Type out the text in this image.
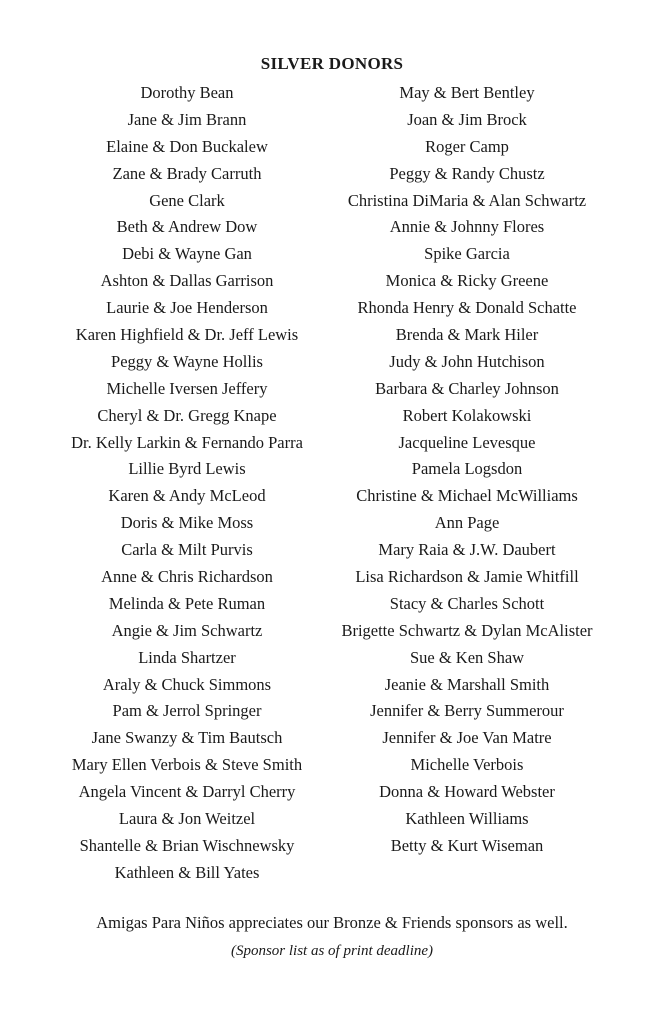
SILVER DONORS
Dorothy Bean
Jane & Jim Brann
Elaine & Don Buckalew
Zane & Brady Carruth
Gene Clark
Beth & Andrew Dow
Debi & Wayne Gan
Ashton & Dallas Garrison
Laurie & Joe Henderson
Karen Highfield & Dr. Jeff Lewis
Peggy & Wayne Hollis
Michelle Iversen Jeffery
Cheryl & Dr. Gregg Knape
Dr. Kelly Larkin & Fernando Parra
Lillie Byrd Lewis
Karen & Andy McLeod
Doris & Mike Moss
Carla & Milt Purvis
Anne & Chris Richardson
Melinda & Pete Ruman
Angie & Jim Schwartz
Linda Shartzer
Araly & Chuck Simmons
Pam & Jerrol Springer
Jane Swanzy & Tim Bautsch
Mary Ellen Verbois & Steve Smith
Angela Vincent & Darryl Cherry
Laura & Jon Weitzel
Shantelle & Brian Wischnewsky
Kathleen & Bill Yates
May & Bert Bentley
Joan & Jim Brock
Roger Camp
Peggy & Randy Chustz
Christina DiMaria & Alan Schwartz
Annie & Johnny Flores
Spike Garcia
Monica & Ricky Greene
Rhonda Henry & Donald Schatte
Brenda & Mark Hiler
Judy & John Hutchison
Barbara & Charley Johnson
Robert Kolakowski
Jacqueline Levesque
Pamela Logsdon
Christine & Michael McWilliams
Ann Page
Mary Raia & J.W. Daubert
Lisa Richardson & Jamie Whitfill
Stacy & Charles Schott
Brigette Schwartz & Dylan McAlister
Sue & Ken Shaw
Jeanie & Marshall Smith
Jennifer & Berry Summerour
Jennifer & Joe Van Matre
Michelle Verbois
Donna & Howard Webster
Kathleen Williams
Betty & Kurt Wiseman
Amigas Para Niños appreciates our Bronze & Friends sponsors as well.
(Sponsor list as of print deadline)
